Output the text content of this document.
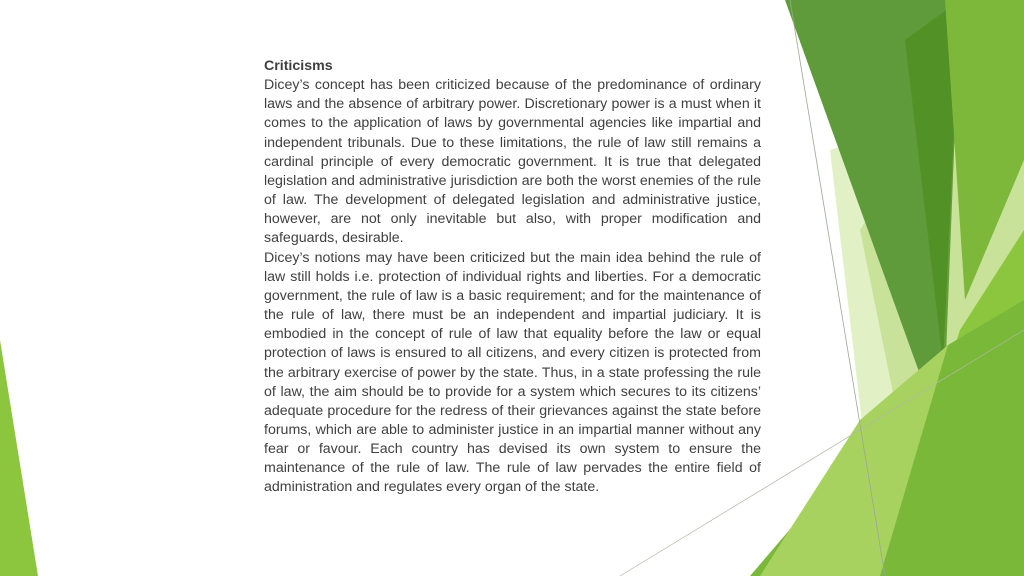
Criticisms

Dicey’s concept has been criticized because of the predominance of ordinary laws and the absence of arbitrary power. Discretionary power is a must when it comes to the application of laws by governmental agencies like impartial and independent tribunals. Due to these limitations, the rule of law still remains a cardinal principle of every democratic government. It is true that delegated legislation and administrative jurisdiction are both the worst enemies of the rule of law. The development of delegated legislation and administrative justice, however, are not only inevitable but also, with proper modification and safeguards, desirable.

Dicey’s notions may have been criticized but the main idea behind the rule of law still holds i.e. protection of individual rights and liberties. For a democratic government, the rule of law is a basic requirement; and for the maintenance of the rule of law, there must be an independent and impartial judiciary. It is embodied in the concept of rule of law that equality before the law or equal protection of laws is ensured to all citizens, and every citizen is protected from the arbitrary exercise of power by the state. Thus, in a state professing the rule of law, the aim should be to provide for a system which secures to its citizens’ adequate procedure for the redress of their grievances against the state before forums, which are able to administer justice in an impartial manner without any fear or favour. Each country has devised its own system to ensure the maintenance of the rule of law. The rule of law pervades the entire field of administration and regulates every organ of the state.
